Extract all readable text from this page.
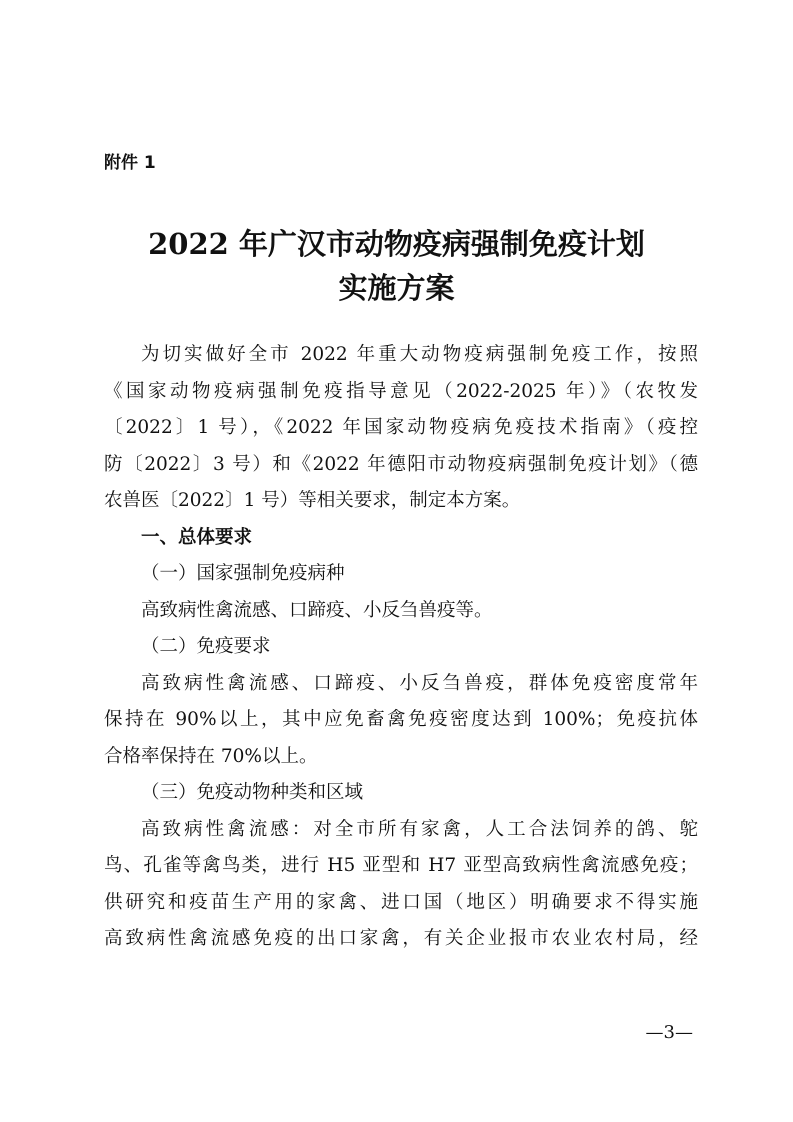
附件 1
2022 年广汉市动物疫病强制免疫计划
实施方案

为切实做好全市 2022 年重大动物疫病强制免疫工作，按照

《国家动物疫病强制免疫指导意见（2022-2025 年）》（农牧发

〔2022〕1 号），《2022 年国家动物疫病免疫技术指南》（疫控

防〔2022〕3 号）和《2022 年德阳市动物疫病强制免疫计划》（德

农兽医〔2022〕1 号）等相关要求，制定本方案。

一、总体要求

（一）国家强制免疫病种

高致病性禽流感、口蹄疫、小反刍兽疫等。

（二）免疫要求

高致病性禽流感、口蹄疫、小反刍兽疫，群体免疫密度常年

保持在 90%以上，其中应免畜禽免疫密度达到 100%；免疫抗体

合格率保持在 70%以上。

（三）免疫动物种类和区域

高致病性禽流感：对全市所有家禽，人工合法饲养的鸽、鸵

鸟、孔雀等禽鸟类，进行 H5 亚型和 H7 亚型高致病性禽流感免疫；

供研究和疫苗生产用的家禽、进口国（地区）明确要求不得实施

高致病性禽流感免疫的出口家禽，有关企业报市农业农村局，经

—3—
